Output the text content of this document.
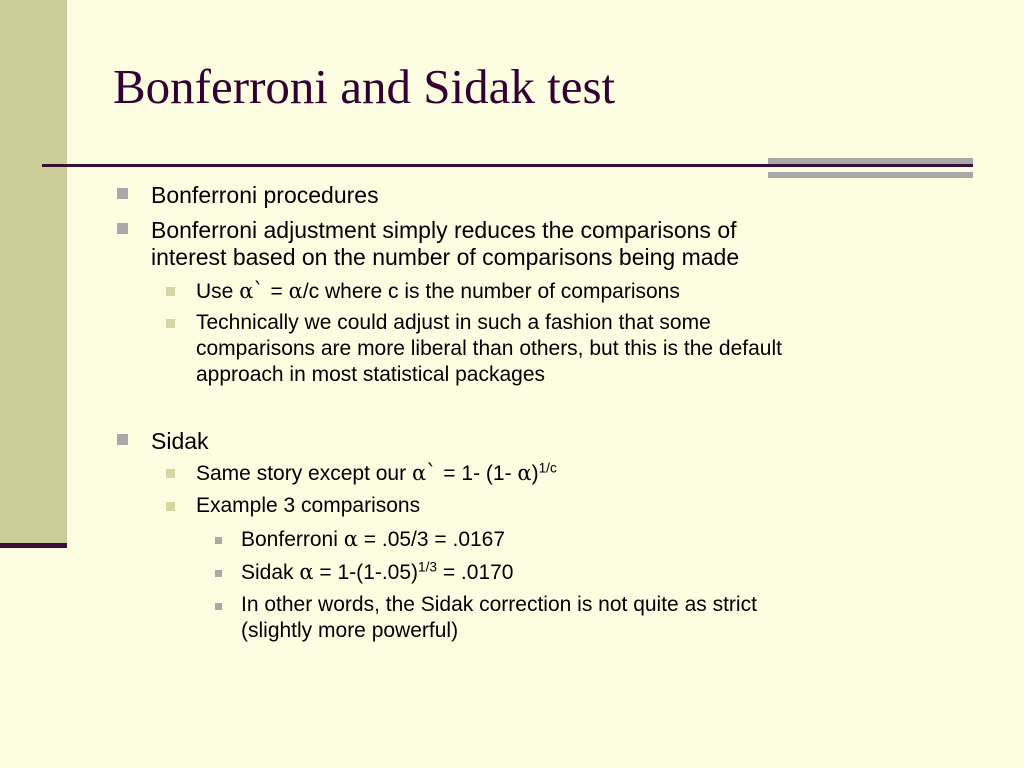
Bonferroni and Sidak test
Bonferroni procedures
Bonferroni adjustment simply reduces the comparisons of
interest based on the number of comparisons being made
Use α` = α/c where c is the number of comparisons
Technically we could adjust in such a fashion that some
comparisons are more liberal than others, but this is the default
approach in most statistical packages
Sidak
Same story except our α` = 1- (1- α)$^{1/c}$
Example 3 comparisons
Bonferroni α = .05/3 = .0167
Sidak $\alpha = 1-(1-.05)^{1/3} = .0170$
In other words, the Sidak correction is not quite as strict
(slightly more powerful)
